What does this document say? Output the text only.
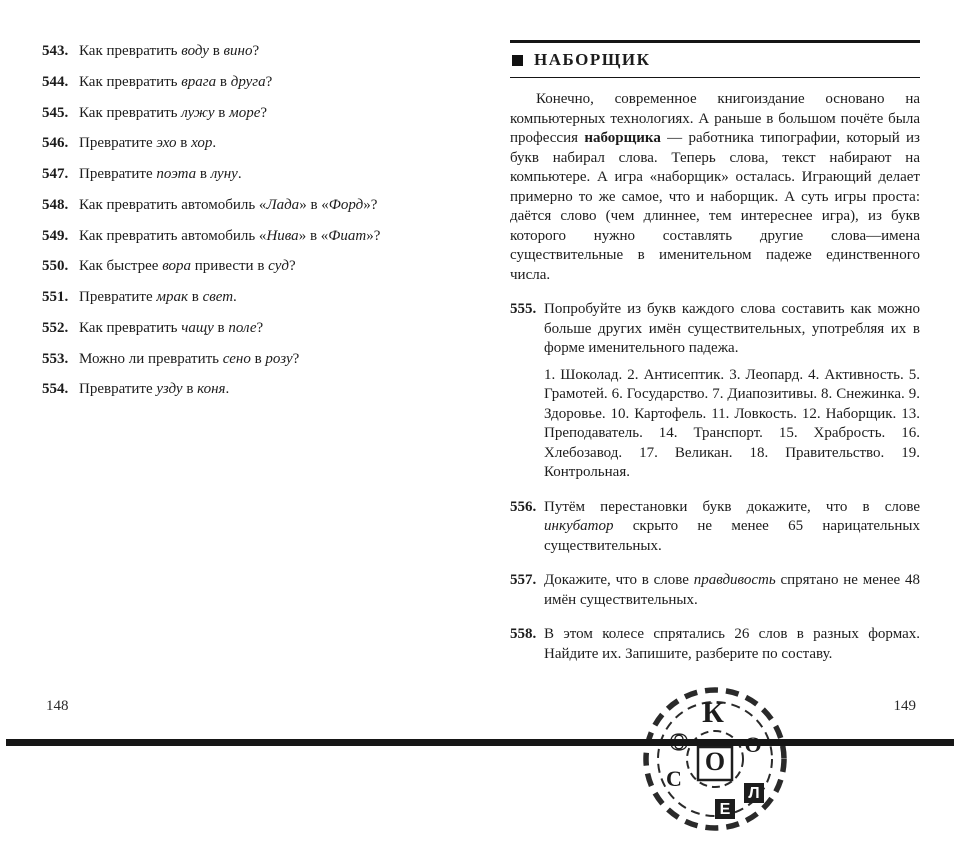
543. Как превратить воду в вино?
544. Как превратить врага в друга?
545. Как превратить лужу в море?
546. Превратите эхо в хор.
547. Превратите поэта в луну.
548. Как превратить автомобиль «Лада» в «Форд»?
549. Как превратить автомобиль «Нива» в «Фиат»?
550. Как быстрее вора привести в суд?
551. Превратите мрак в свет.
552. Как превратить чащу в поле?
553. Можно ли превратить сено в розу?
554. Превратите узду в коня.
148
НАБОРЩИК

Конечно, современное книгоиздание основано на компьютерных технологиях. А раньше в большом почёте была профессия наборщика — работника типографии, который из букв набирал слова. Теперь слова, текст набирают на компьютере. А игра «наборщик» осталась. Играющий делает примерно то же самое, что и наборщик. А суть игры проста: даётся слово (чем длиннее, тем интереснее игра), из букв которого нужно составлять другие слова—имена существительные в именительном падеже единственного числа.

555. Попробуйте из букв каждого слова составить как можно больше других имён существительных, употребляя их в форме именительного падежа.

1. Шоколад. 2. Антисептик. 3. Леопард. 4. Активность. 5. Грамотей. 6. Государство. 7. Диапозитивы. 8. Снежинка. 9. Здоровье. 10. Картофель. 11. Ловкость. 12. Наборщик. 13. Преподаватель. 14. Транспорт. 15. Храбрость. 16. Хлебозавод. 17. Великан. 18. Правительство. 19. Контрольная.

556. Путём перестановки букв докажите, что в слове инкубатор скрыто не менее 65 нарицательных существительных.

557. Докажите, что в слове правдивость спрятано не менее 48 имён существительных.

558. В этом колесе спрятались 26 слов в разных формах. Найдите их. Запишите, разберите по составу.

К
О
С
Е
Л
149
